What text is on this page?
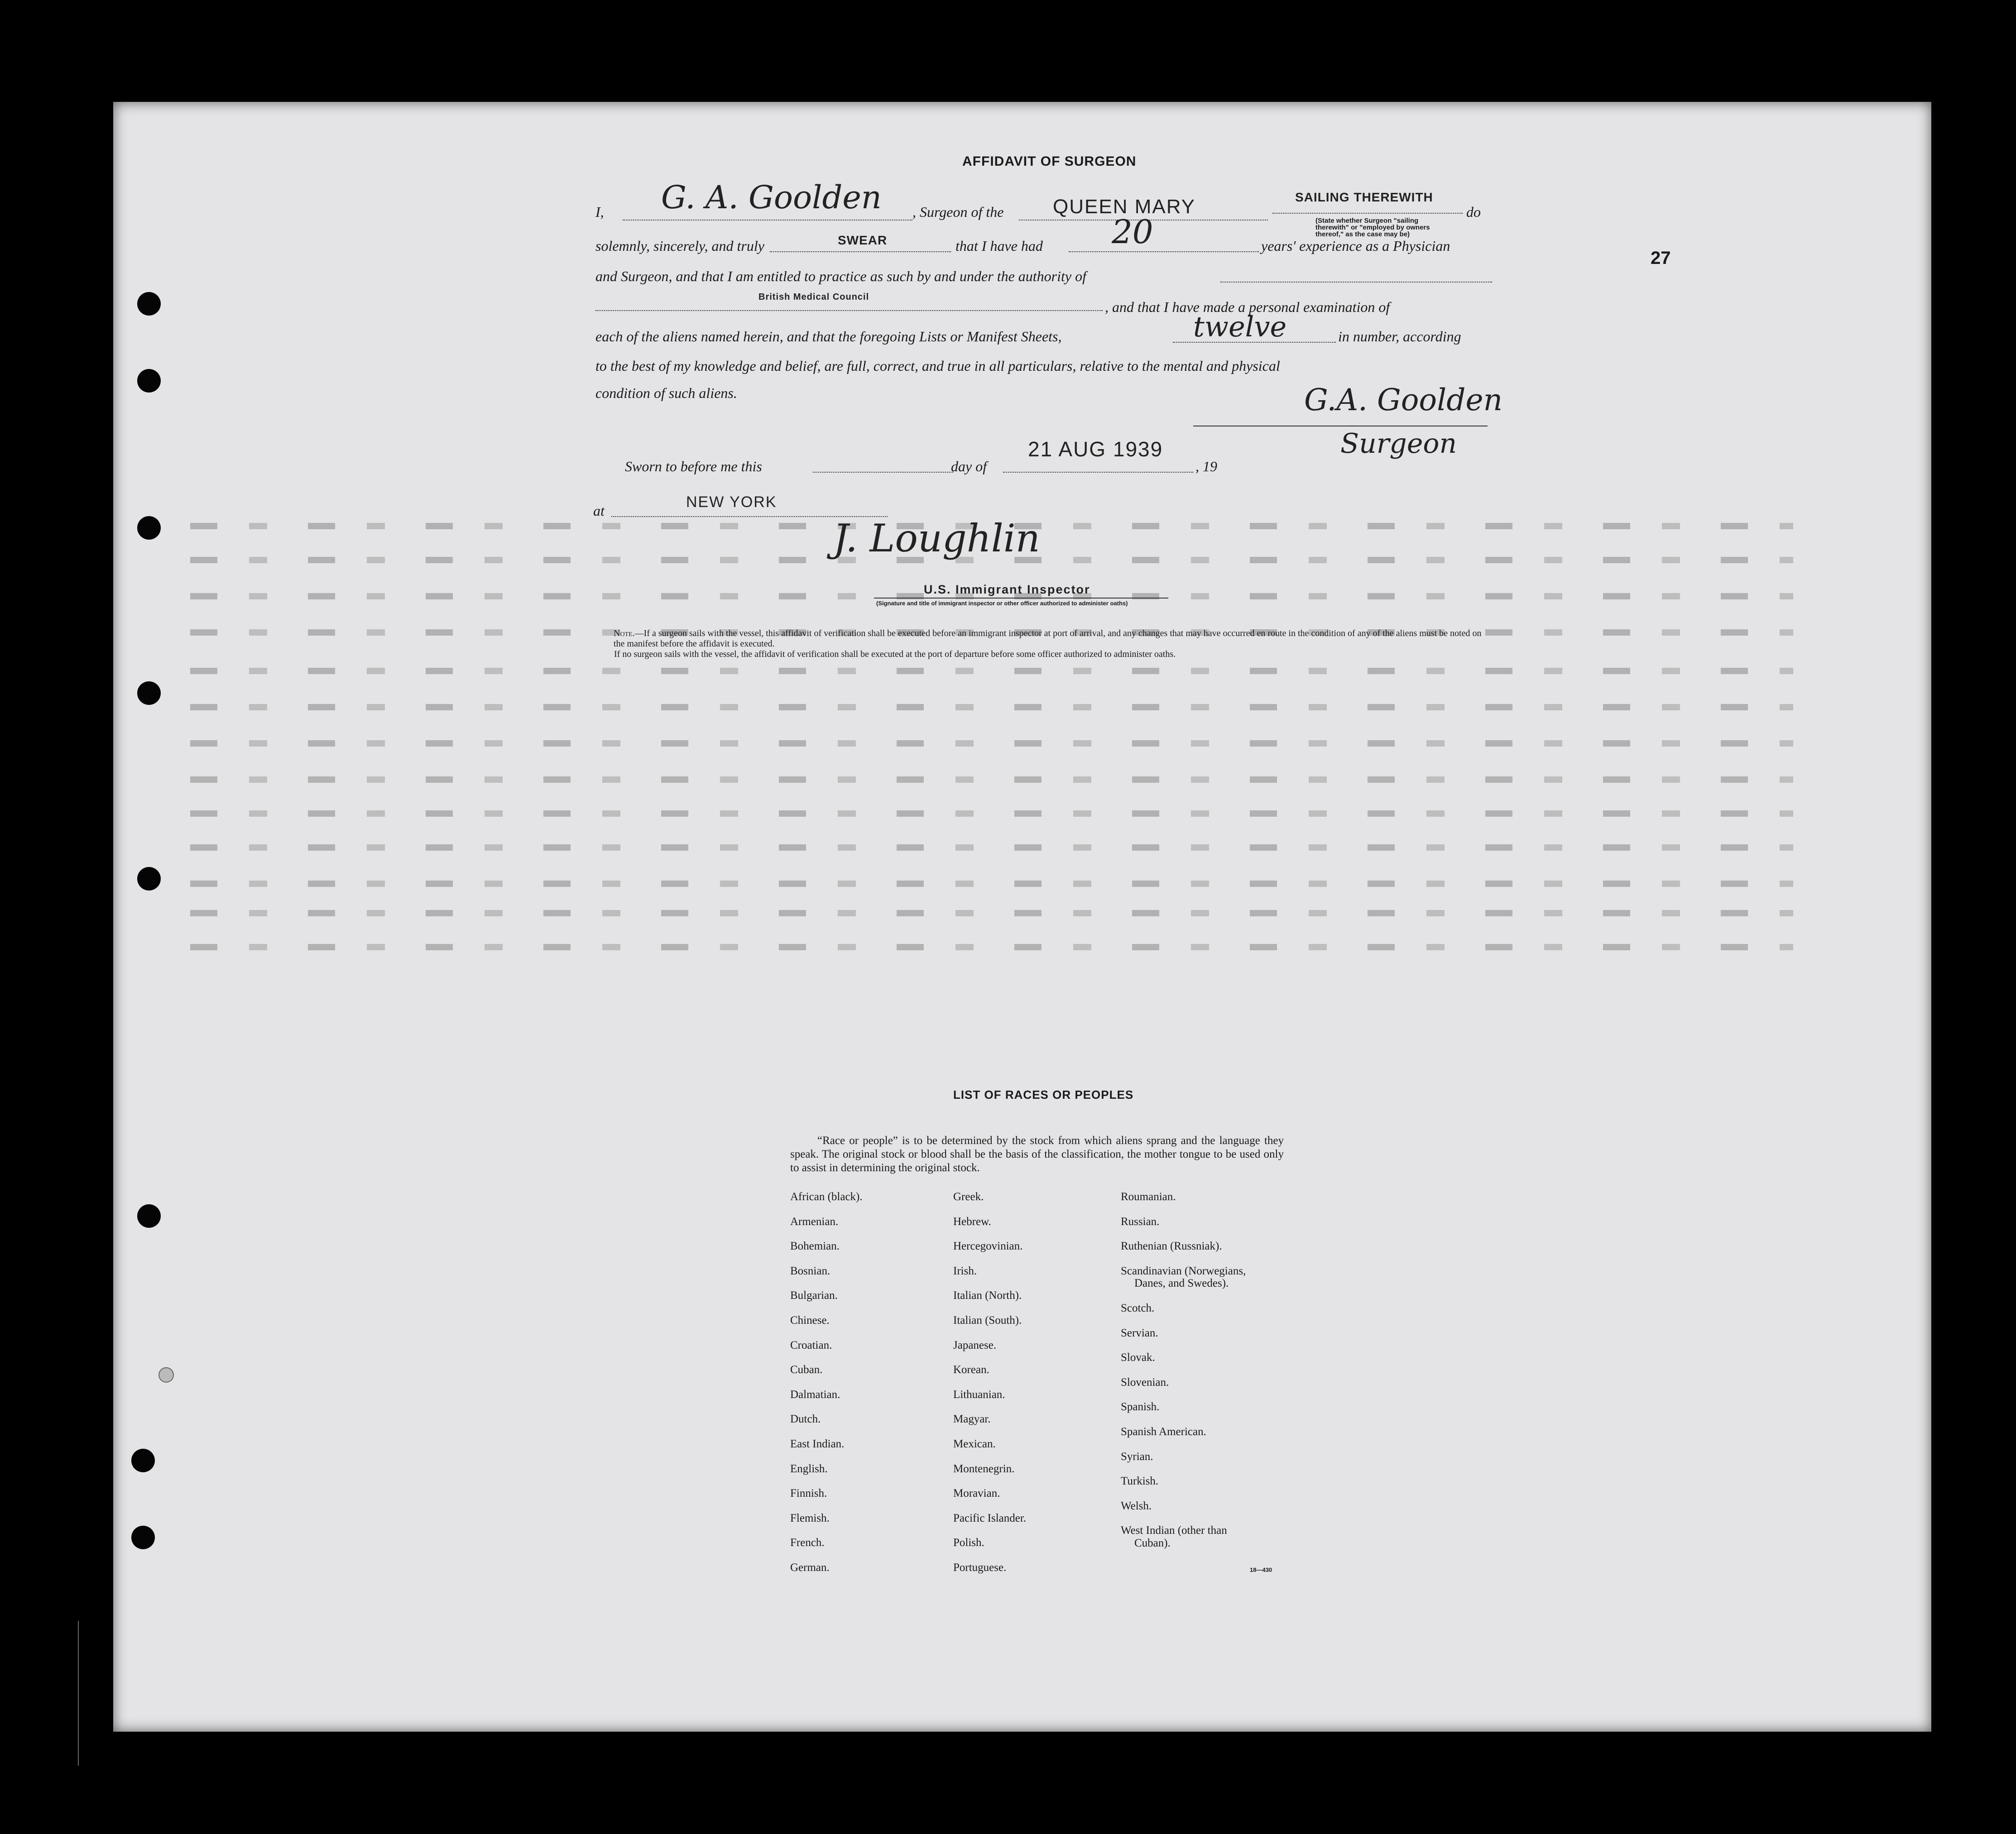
AFFIDAVIT OF SURGEON
I, G. A. Goolden , Surgeon of the QUEEN MARY	SAILING THEREWITH
do
(State whether Surgeon "sailing therewith" or "employed by owners thereof," as the case may be)
solemnly, sincerely, and truly	SWEAR	that I have had 20	years' experience as a Physician
and Surgeon, and that I am entitled to practice as such by and under the authority of
British Medical Council
, and that I have made a personal examination of
each of the aliens named herein, and that the foregoing Lists or Manifest Sheets,	twelve	in number, according
to the best of my knowledge and belief, are full, correct, and true in all particulars, relative to the mental and physical
condition of such aliens.	G.A. Goolden
Surgeon
Sworn to before me this	day of
21 AUG 1939
, 19
at	NEW YORK
J. Loughlin
U.S. Immigrant Inspector
(Signature and title of immigrant inspector or other officer authorized to administer oaths)
Note.—If a surgeon sails with the vessel, this affidavit of verification shall be executed before an immigrant inspector at port of arrival, and any changes that may have occurred en route in the condition of any of the aliens must be noted on the manifest before the affidavit is executed.
If no surgeon sails with the vessel, the affidavit of verification shall be executed at the port of departure before some officer authorized to administer oaths.
27
LIST OF RACES OR PEOPLES
“Race or people” is to be determined by the stock from which aliens sprang and the language they speak. The original stock or blood shall be the basis of the classification, the mother tongue to be used only to assist in determining the original stock.
African (black).
Armenian.
Bohemian.
Bosnian.
Bulgarian.
Chinese.
Croatian.
Cuban.
Dalmatian.
Dutch.
East Indian.
English.
Finnish.
Flemish.
French.
German.
Greek.
Hebrew.
Hercegovinian.
Irish.
Italian (North).
Italian (South).
Japanese.
Korean.
Lithuanian.
Magyar.
Mexican.
Montenegrin.
Moravian.
Pacific Islander.
Polish.
Portuguese.
Roumanian.
Russian.
Ruthenian (Russniak).
Scandinavian (Norwegians,
Danes, and Swedes).
Scotch.
Servian.
Slovak.
Slovenian.
Spanish.
Spanish American.
Syrian.
Turkish.
Welsh.
West Indian (other than
Cuban).
18—430
